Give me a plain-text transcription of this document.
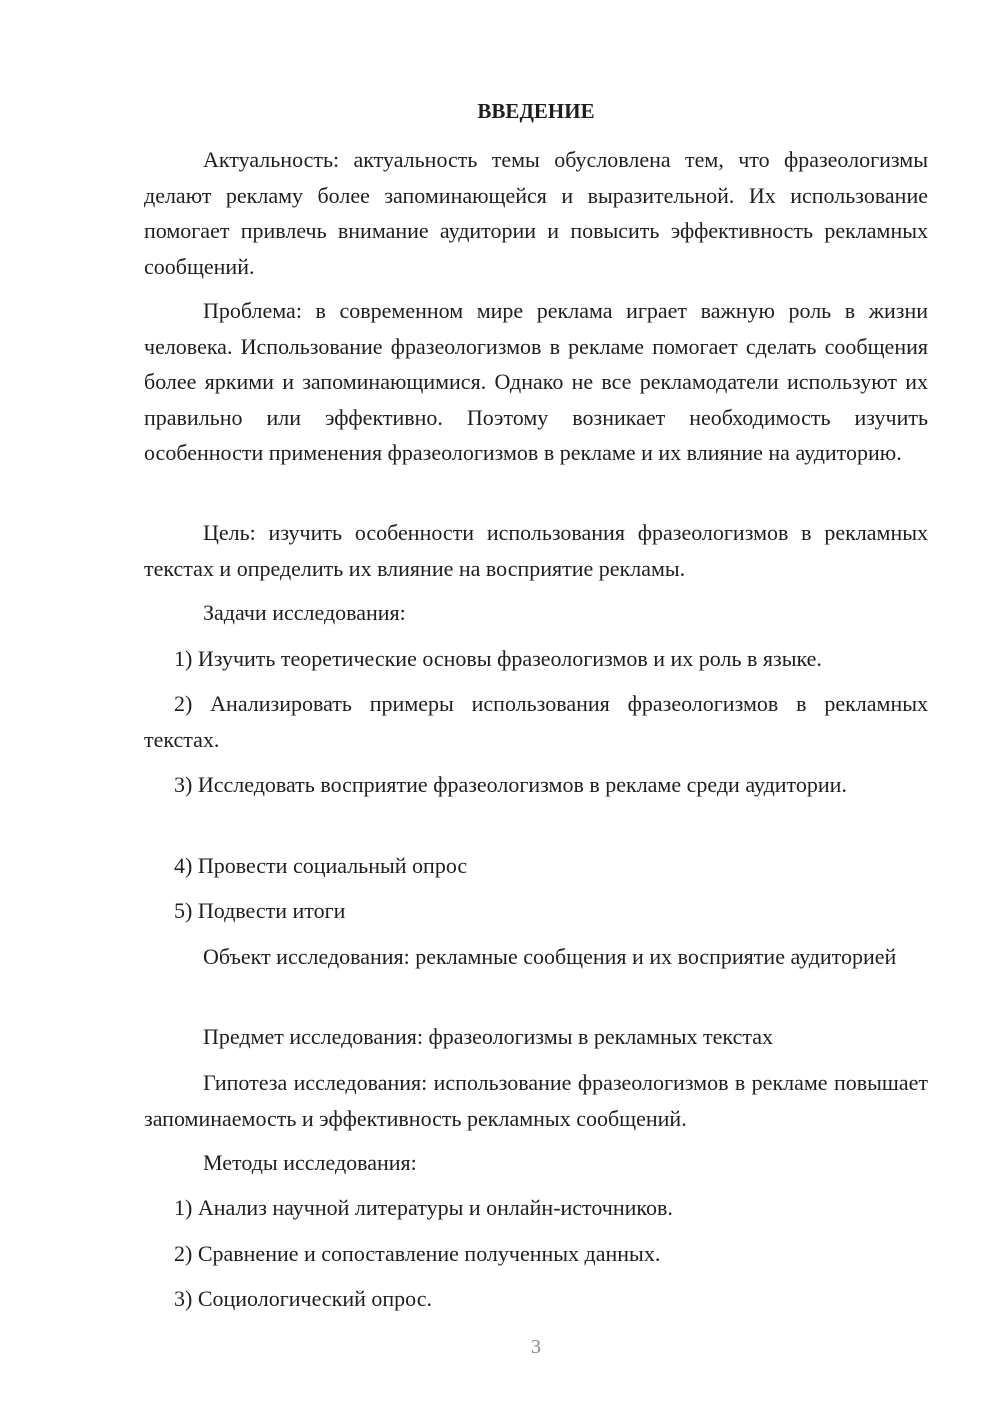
ВВЕДЕНИЕ

Актуальность: актуальность темы обусловлена тем, что фразеологизмы делают рекламу более запоминающейся и выразительной. Их использование помогает привлечь внимание аудитории и повысить эффективность рекламных сообщений.

Проблема: в современном мире реклама играет важную роль в жизни человека. Использование фразеологизмов в рекламе помогает сделать сообщения более яркими и запоминающимися. Однако не все рекламодатели используют их правильно или эффективно. Поэтому возникает необходимость изучить особенности применения фразеологизмов в рекламе и их влияние на аудиторию.

Цель: изучить особенности использования фразеологизмов в рекламных текстах и определить их влияние на восприятие рекламы.

Задачи исследования:

1) Изучить теоретические основы фразеологизмов и их роль в языке.

2) Анализировать примеры использования фразеологизмов в рекламных текстах.

3) Исследовать восприятие фразеологизмов в рекламе среди аудитории.

4) Провести социальный опрос

5) Подвести итоги

Объект исследования: рекламные сообщения и их восприятие аудиторией

Предмет исследования: фразеологизмы в рекламных текстах

Гипотеза исследования: использование фразеологизмов в рекламе повышает запоминаемость и эффективность рекламных сообщений.

Методы исследования:

1) Анализ научной литературы и онлайн-источников.

2) Сравнение и сопоставление полученных данных.

3) Социологический опрос.

3
